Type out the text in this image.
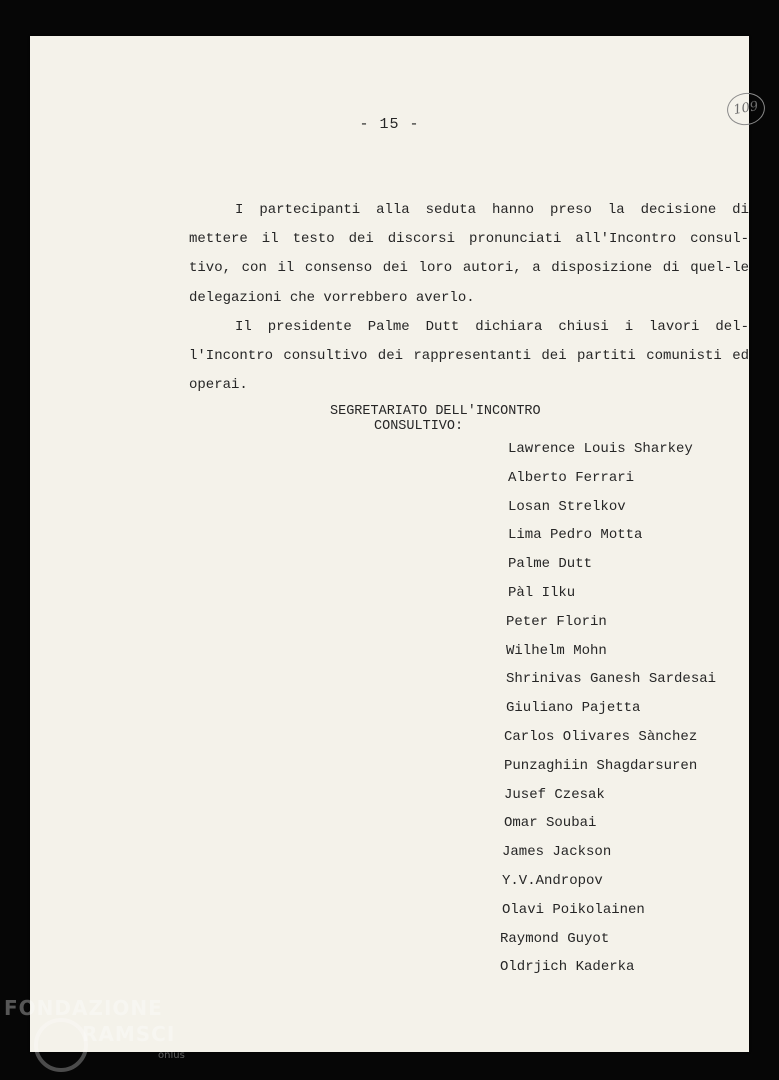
- 15 -
109

I partecipanti alla seduta hanno preso la decisione di mettere il testo dei discorsi pronunciati all'Incontro consul-tivo, con il consenso dei loro autori, a disposizione di quel-le delegazioni che vorrebbero averlo.

Il presidente Palme Dutt dichiara chiusi i lavori del-l'Incontro consultivo dei rappresentanti dei partiti comunisti ed operai.

SEGRETARIATO DELL'INCONTRO
CONSULTIVO:
Lawrence Louis Sharkey
Alberto Ferrari
Losan Strelkov
Lima Pedro Motta
Palme Dutt
Pàl Ilku
Peter Florin
Wilhelm Mohn
Shrinivas Ganesh Sardesai
Giuliano Pajetta
Carlos Olivares Sànchez
Punzaghiin Shagdarsuren
Jusef Czesak
Omar Soubai
James Jackson
Y.V.Andropov
Olavi Poikolainen
Raymond Guyot
Oldrjich Kaderka
FONDAZIONE
RAMSCI
onlus
